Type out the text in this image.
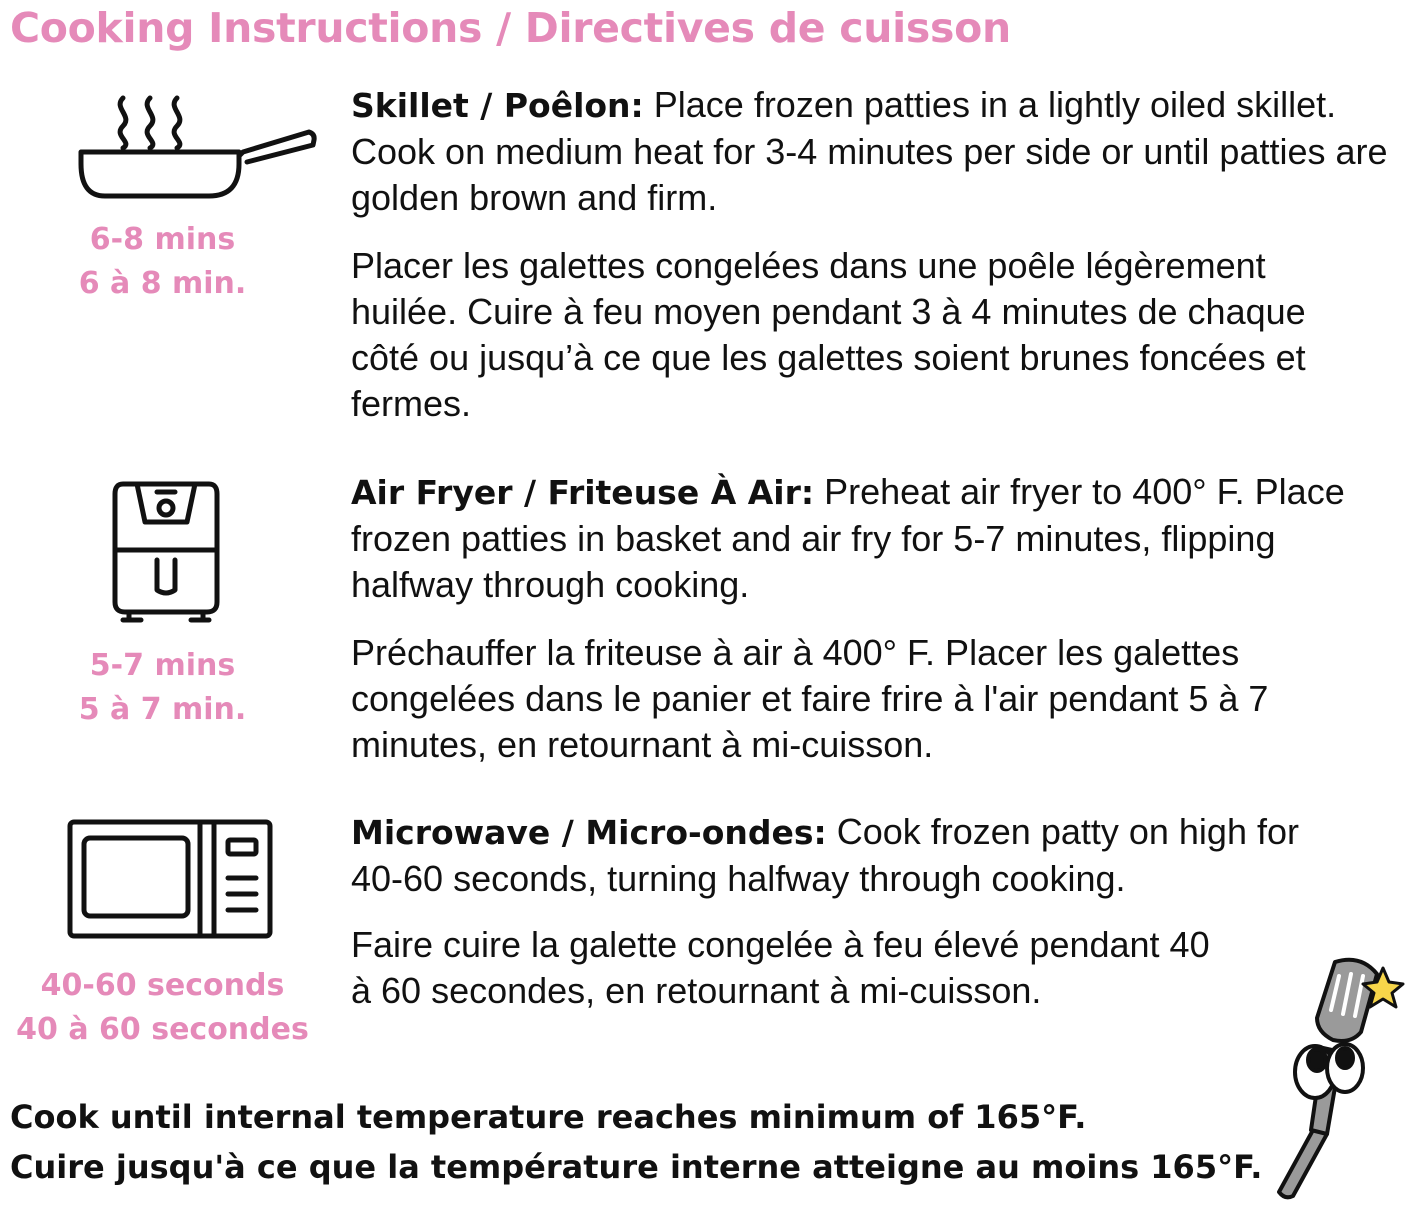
Cooking Instructions / Directives de cuisson
6-8 mins
6 à 8 min.
5-7 mins
5 à 7 min.
40-60 seconds
40 à 60 secondes

Skillet / Poêlon: Place frozen patties in a lightly oiled skillet. Cook on medium heat for 3-4 minutes per side or until patties are golden brown and firm.

Placer les galettes congelées dans une poêle légèrement huilée. Cuire à feu moyen pendant 3 à 4 minutes de chaque côté ou jusqu’à ce que les galettes soient brunes foncées et fermes.

Air Fryer / Friteuse À Air: Preheat air fryer to 400° F. Place frozen patties in basket and air fry for 5-7 minutes, flipping halfway through cooking.

Préchauffer la friteuse à air à 400° F. Placer les galettes congelées dans le panier et faire frire à l'air pendant 5 à 7 minutes, en retournant à mi-cuisson.

Microwave / Micro-ondes: Cook frozen patty on high for 40-60 seconds, turning halfway through cooking.

Faire cuire la galette congelée à feu élevé pendant 40 à 60 secondes, en retournant à mi-cuisson.

Cook until internal temperature reaches minimum of 165°F.
Cuire jusqu'à ce que la température interne atteigne au moins 165°F.
